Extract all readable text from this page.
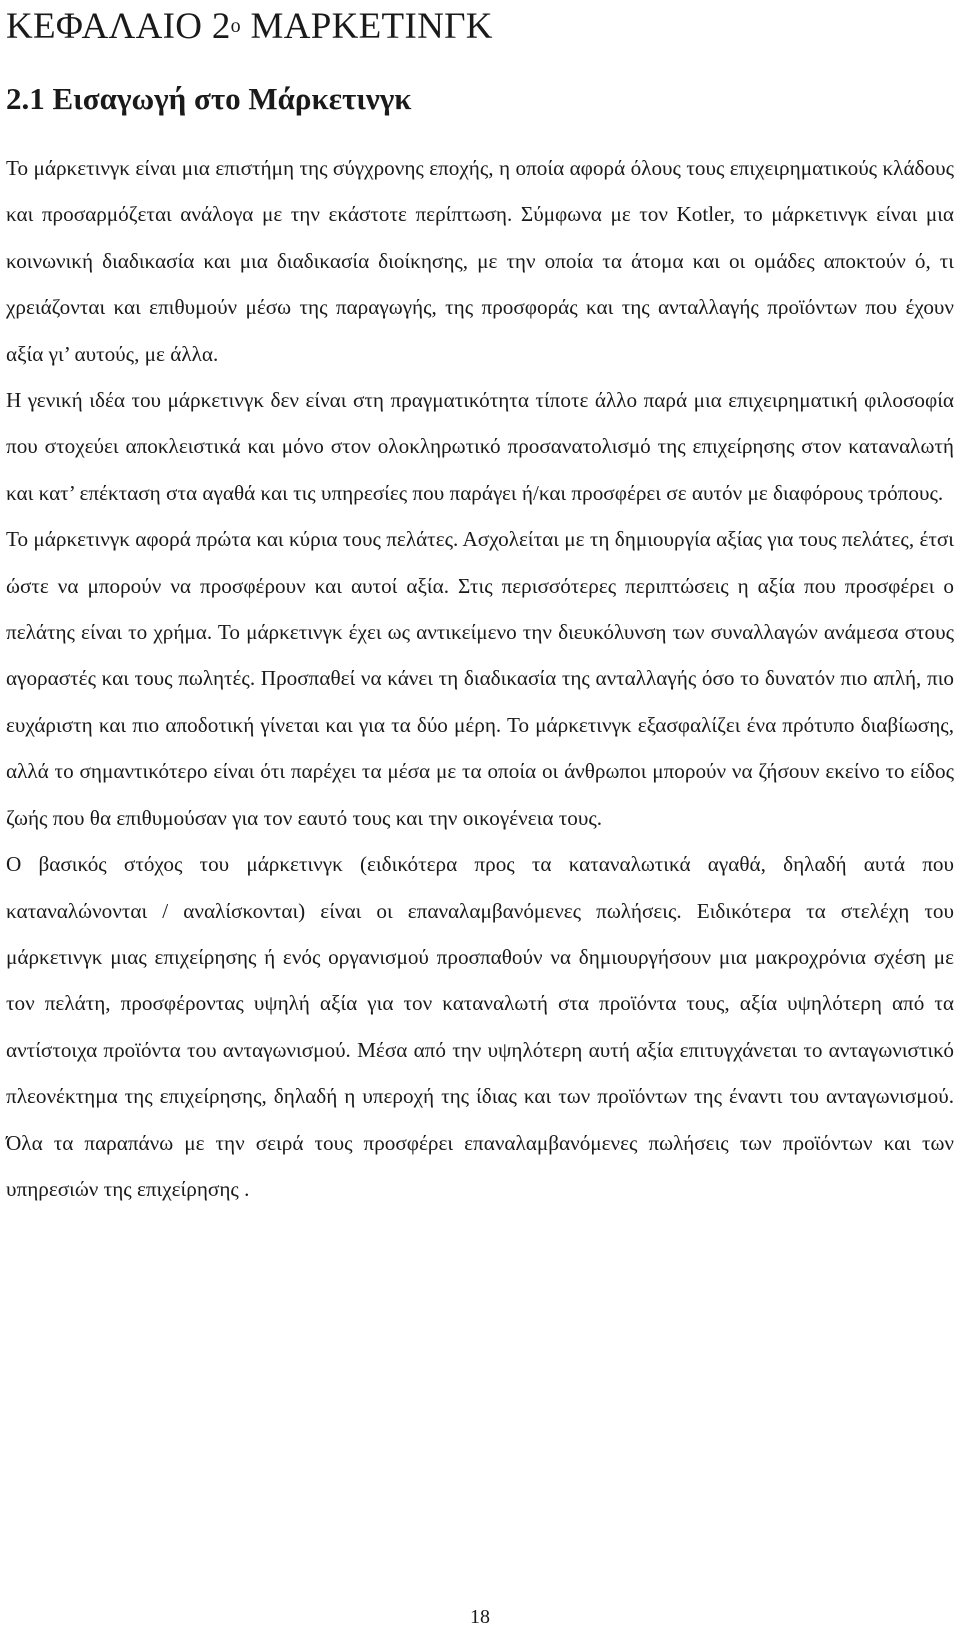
ΚΕΦΑΛΑΙΟ $2^o$ ΜΑΡΚΕΤΙΝΓΚ
2.1 Εισαγωγή στο Μάρκετινγκ

Το μάρκετινγκ είναι μια επιστήμη της σύγχρονης εποχής, η οποία αφορά όλους τους επιχειρηματικούς κλάδους και προσαρμόζεται ανάλογα με την εκάστοτε περίπτωση. Σύμφωνα με τον Kotler, το μάρκετινγκ είναι μια κοινωνική διαδικασία και μια διαδικασία διοίκησης, με την οποία τα άτομα και οι ομάδες αποκτούν ό, τι χρειάζονται και επιθυμούν μέσω της παραγωγής, της προσφοράς και της ανταλλαγής προϊόντων που έχουν αξία γι’ αυτούς, με άλλα.

Η γενική ιδέα του μάρκετινγκ δεν είναι στη πραγματικότητα τίποτε άλλο παρά μια επιχειρηματική φιλοσοφία που στοχεύει αποκλειστικά και μόνο στον ολοκληρωτικό προσανατολισμό της επιχείρησης στον καταναλωτή και κατ’ επέκταση στα αγαθά και τις υπηρεσίες που παράγει ή/και προσφέρει σε αυτόν με διαφόρους τρόπους.

Το μάρκετινγκ αφορά πρώτα και κύρια τους πελάτες. Ασχολείται με τη δημιουργία αξίας για τους πελάτες, έτσι ώστε να μπορούν να προσφέρουν και αυτοί αξία. Στις περισσότερες περιπτώσεις η αξία που προσφέρει ο πελάτης είναι το χρήμα. Το μάρκετινγκ έχει ως αντικείμενο την διευκόλυνση των συναλλαγών ανάμεσα στους αγοραστές και τους πωλητές. Προσπαθεί να κάνει τη διαδικασία της ανταλλαγής όσο το δυνατόν πιο απλή, πιο ευχάριστη και πιο αποδοτική γίνεται και για τα δύο μέρη. Το μάρκετινγκ εξασφαλίζει ένα πρότυπο διαβίωσης, αλλά το σημαντικότερο είναι ότι παρέχει τα μέσα με τα οποία οι άνθρωποι μπορούν να ζήσουν εκείνο το είδος ζωής που θα επιθυμούσαν για τον εαυτό τους και την οικογένεια τους.

Ο βασικός στόχος του μάρκετινγκ (ειδικότερα προς τα καταναλωτικά αγαθά, δηλαδή αυτά που καταναλώνονται / αναλίσκονται) είναι οι επαναλαμβανόμενες πωλήσεις. Ειδικότερα τα στελέχη του μάρκετινγκ μιας επιχείρησης ή ενός οργανισμού προσπαθούν να δημιουργήσουν μια μακροχρόνια σχέση με τον πελάτη, προσφέροντας υψηλή αξία για τον καταναλωτή στα προϊόντα τους, αξία υψηλότερη από τα αντίστοιχα προϊόντα του ανταγωνισμού. Μέσα από την υψηλότερη αυτή αξία επιτυγχάνεται το ανταγωνιστικό πλεονέκτημα της επιχείρησης, δηλαδή η υπεροχή της ίδιας και των προϊόντων της έναντι του ανταγωνισμού. Όλα τα παραπάνω με την σειρά τους προσφέρει επαναλαμβανόμενες πωλήσεις των προϊόντων και των υπηρεσιών της επιχείρησης .

18
